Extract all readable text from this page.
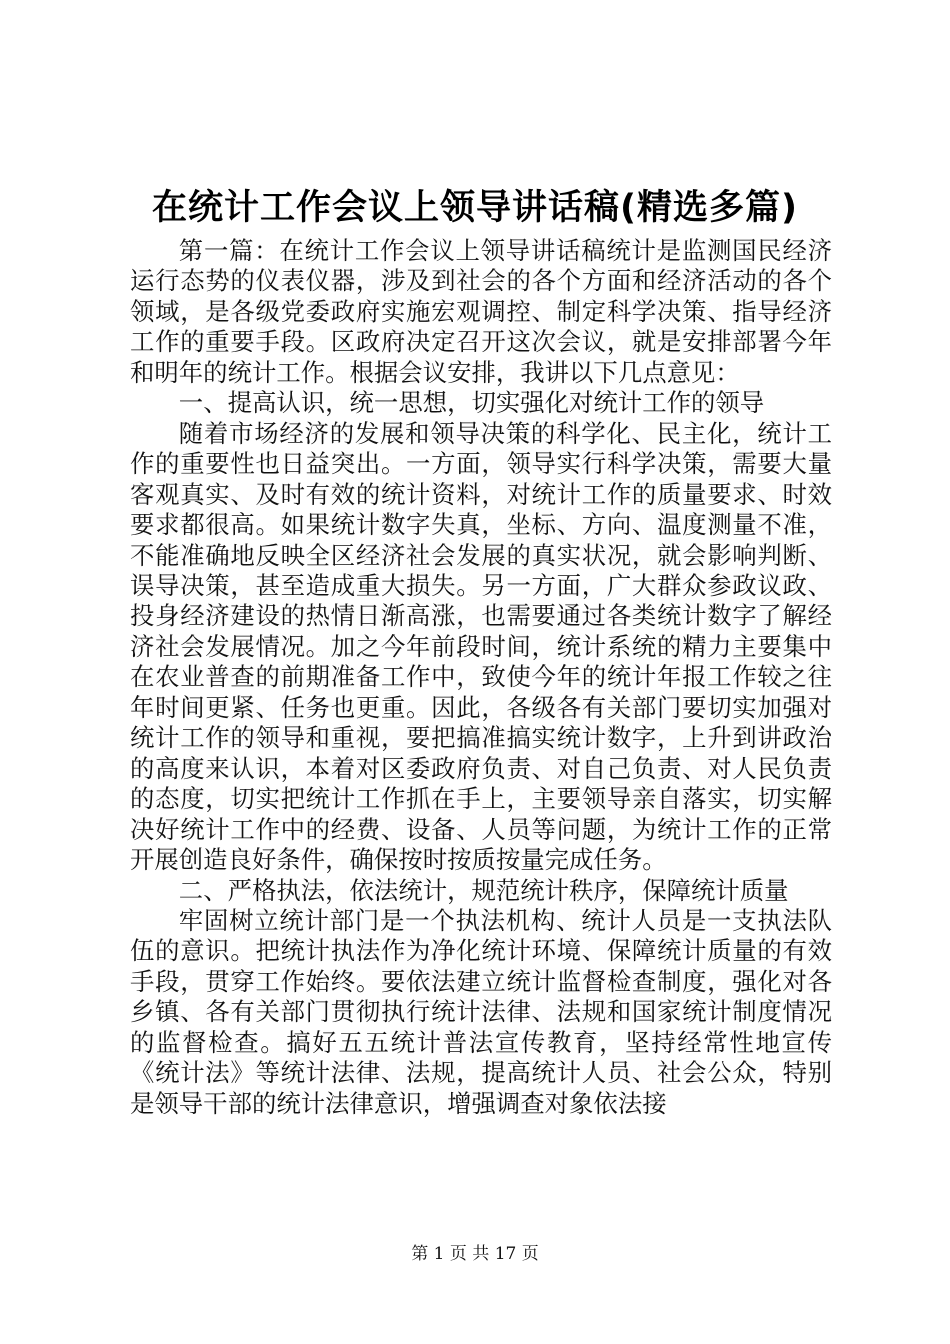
在统计工作会议上领导讲话稿(精选多篇)

第一篇：在统计工作会议上领导讲话稿统计是监测国民经济运行态势的仪表仪器，涉及到社会的各个方面和经济活动的各个领域，是各级党委政府实施宏观调控、制定科学决策、指导经济工作的重要手段。区政府决定召开这次会议，就是安排部署今年和明年的统计工作。根据会议安排，我讲以下几点意见：

一、提高认识，统一思想，切实强化对统计工作的领导

随着市场经济的发展和领导决策的科学化、民主化，统计工作的重要性也日益突出。一方面，领导实行科学决策，需要大量客观真实、及时有效的统计资料，对统计工作的质量要求、时效要求都很高。如果统计数字失真，坐标、方向、温度测量不准，不能准确地反映全区经济社会发展的真实状况，就会影响判断、误导决策，甚至造成重大损失。另一方面，广大群众参政议政、投身经济建设的热情日渐高涨，也需要通过各类统计数字了解经济社会发展情况。加之今年前段时间，统计系统的精力主要集中在农业普查的前期准备工作中，致使今年的统计年报工作较之往年时间更紧、任务也更重。因此，各级各有关部门要切实加强对统计工作的领导和重视，要把搞准搞实统计数字，上升到讲政治的高度来认识，本着对区委政府负责、对自己负责、对人民负责的态度，切实把统计工作抓在手上，主要领导亲自落实，切实解决好统计工作中的经费、设备、人员等问题，为统计工作的正常开展创造良好条件，确保按时按质按量完成任务。

二、严格执法，依法统计，规范统计秩序，保障统计质量

牢固树立统计部门是一个执法机构、统计人员是一支执法队伍的意识。把统计执法作为净化统计环境、保障统计质量的有效手段，贯穿工作始终。要依法建立统计监督检查制度，强化对各乡镇、各有关部门贯彻执行统计法律、法规和国家统计制度情况的监督检查。搞好五五统计普法宣传教育，坚持经常性地宣传《统计法》等统计法律、法规，提高统计人员、社会公众，特别是领导干部的统计法律意识，增强调查对象依法接

第 1 页 共 17 页
